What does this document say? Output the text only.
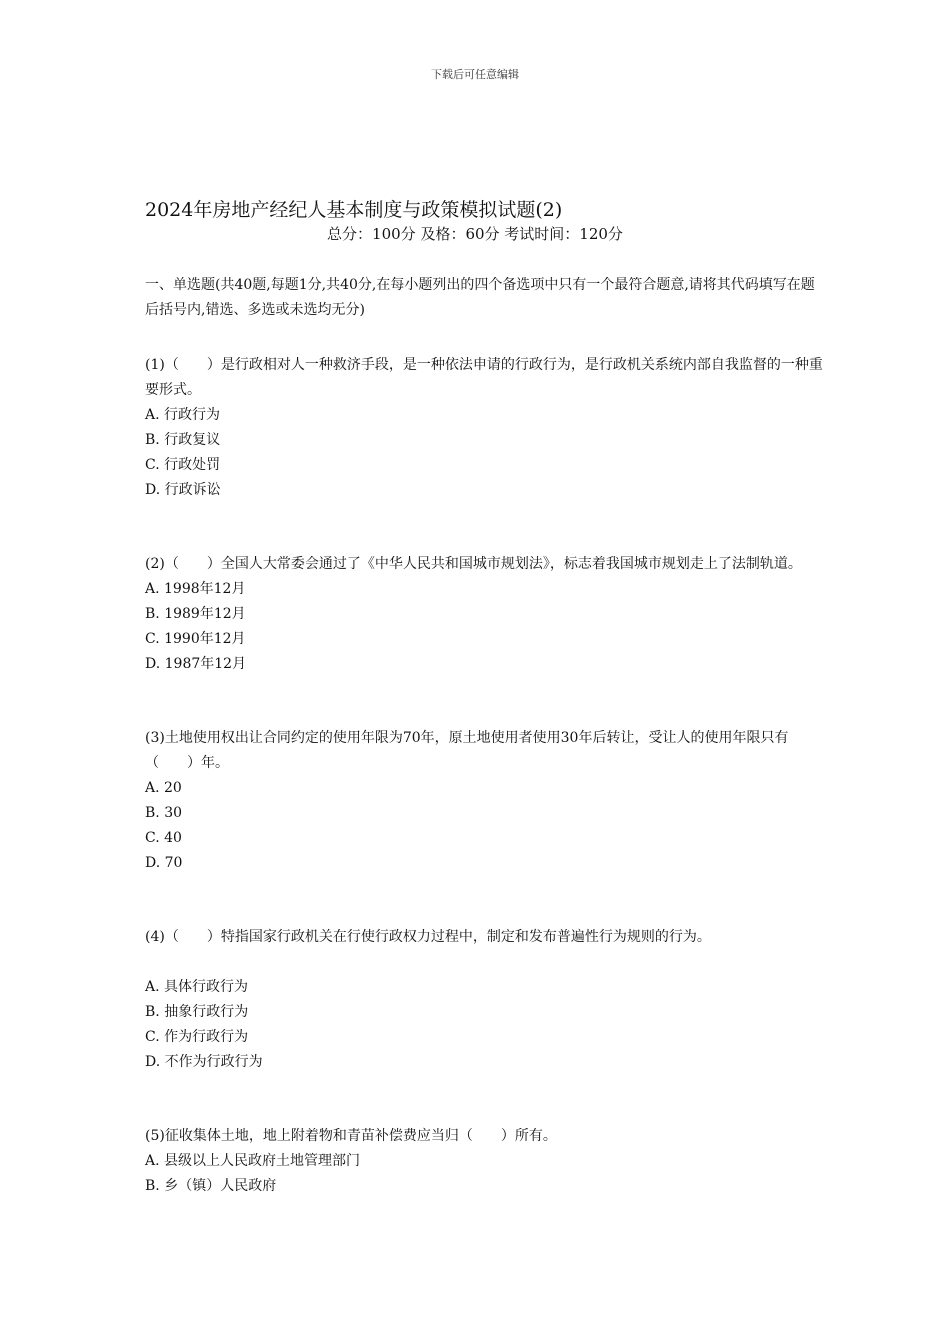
下载后可任意编辑
2024年房地产经纪人基本制度与政策模拟试题(2)
总分：100分 及格：60分 考试时间：120分
一、单选题(共40题,每题1分,共40分,在每小题列出的四个备选项中只有一个最符合题意,请将其代码填写在题后括号内,错选、多选或未选均无分)
(1)（　　）是行政相对人一种救济手段，是一种依法申请的行政行为，是行政机关系统内部自我监督的一种重要形式。
A. 行政行为
B. 行政复议
C. 行政处罚
D. 行政诉讼
(2)（　　）全国人大常委会通过了《中华人民共和国城市规划法》，标志着我国城市规划走上了法制轨道。
A. 1998年12月
B. 1989年12月
C. 1990年12月
D. 1987年12月
(3)土地使用权出让合同约定的使用年限为70年，原土地使用者使用30年后转让，受让人的使用年限只有（　　）年。
A. 20
B. 30
C. 40
D. 70
(4)（　　）特指国家行政机关在行使行政权力过程中，制定和发布普遍性行为规则的行为。
A. 具体行政行为
B. 抽象行政行为
C. 作为行政行为
D. 不作为行政行为
(5)征收集体土地，地上附着物和青苗补偿费应当归（　　）所有。
A. 县级以上人民政府土地管理部门
B. 乡（镇）人民政府
